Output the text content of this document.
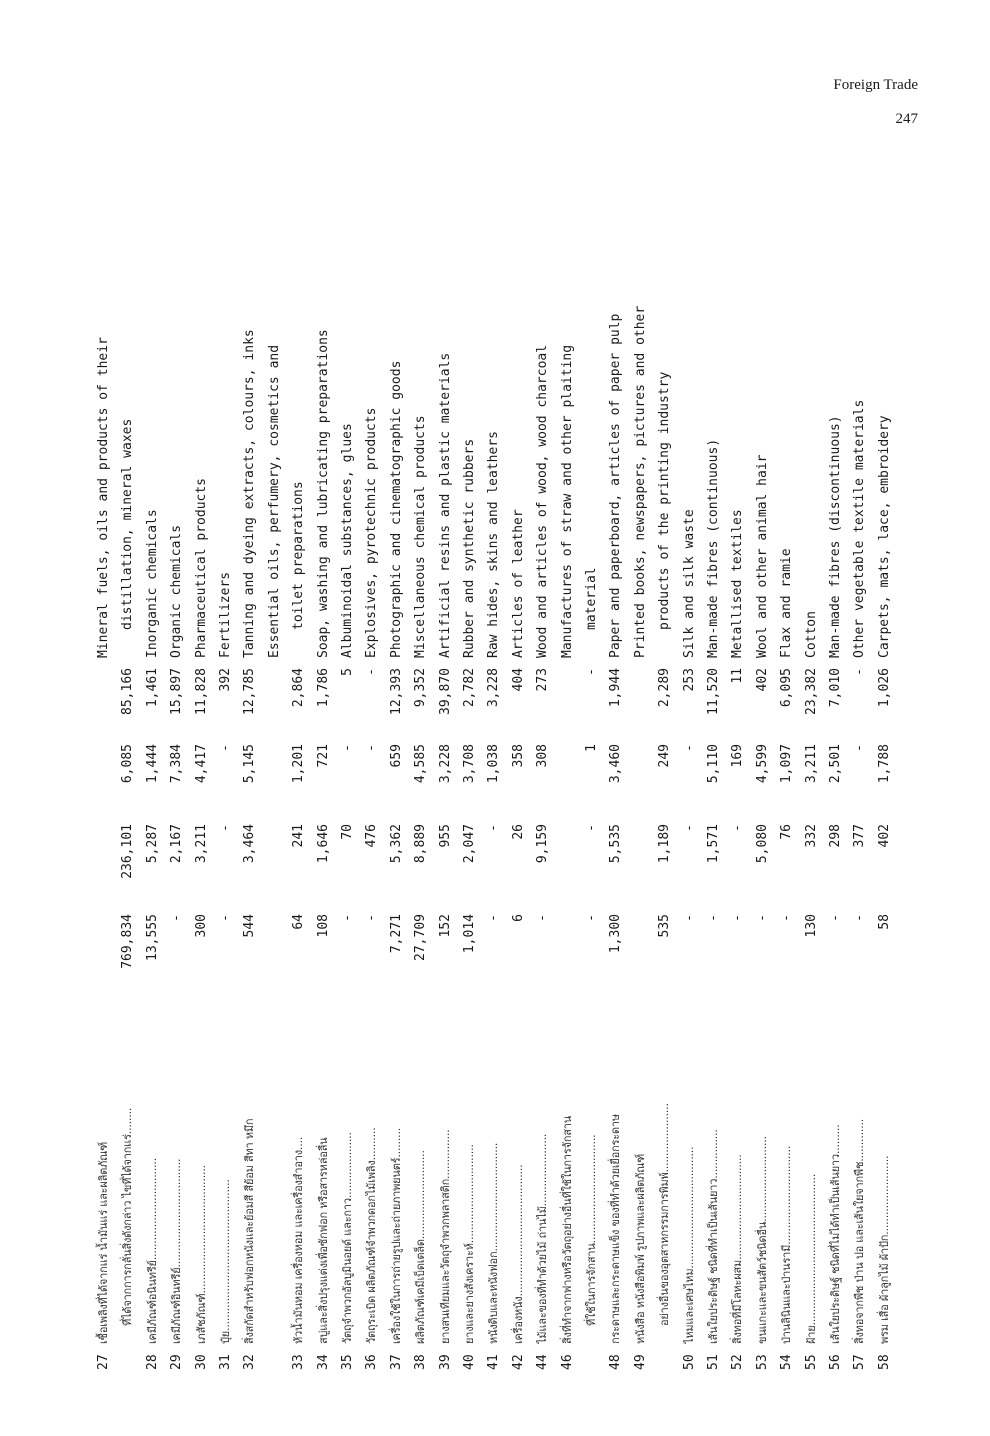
Foreign Trade
247
27
เชื้อเพลิงที่ได้จากแร่ น้ำมันแร่ และผลิตภัณฑ์
Mineral fuels, oils and products of their
ที่ได้จากการกลั่นสิ่งดังกล่าว ไขที่ได้จากแร่........
769,834
236,101
6,085
85,166
distillation, mineral waxes
28
เคมีภัณฑ์อนินทรีย์...............................
13,555
5,287
1,444
1,461
Inorganic chemicals
29
เคมีภัณฑ์อินทรีย์.................................
-
2,167
7,384
15,897
Organic chemicals
30
เภสัชภัณฑ์.......................................
300
3,211
4,417
11,828
Pharmaceutical products
31
ปุ๋ย..............................................
-
-
-
392
Fertilizers
32
สิ่งสกัดสำหรับฟอกหนังและย้อมสี สีย้อม สีทา หมึก
544
3,464
5,145
12,785
Tanning and dyeing extracts, colours, inks Essential oils, perfumery, cosmetics and
33
หัวน้ำมันหอม เครื่องหอม และเครื่องสำอาง....
64
241
1,201
2,864
toilet preparations
34
สบู่และสิ่งปรุงแต่งเพื่อซักฟอก หรือสารหล่อลื่น
108
1,646
721
1,786
Soap, washing and lubricating preparations
35
วัตถุจำพวกอัลบูมินอยด์ และกาว....................
-
70
-
5
Albuminoidal substances, glues
36
วัตถุระเบิด ผลิตภัณฑ์จำพวกดอกไม้เพลิง..........
-
476
-
-
Explosives, pyrotechnic products
37
เครื่องใช้ในการถ่ายรูปและถ่ายภาพยนตร์.........
7,271
5,362
659
12,393
Photographic and cinematographic goods
38
ผลิตภัณฑ์เคมีเบ็ดเตล็ด...........................
27,709
8,889
4,585
9,352
Miscellaneous chemical products
39
ยางสนเทียมและวัตถุจำพวกพลาสติก...............
152
955
3,228
39,870
Artificial resins and plastic materials
40
ยางและยางสังเคราะห์..............................
1,014
2,047
3,708
2,782
Rubber and synthetic rubbers
41
หนังดิบและหนังฟอก.................................
-
-
1,038
3,228
Raw hides, skins and leathers
42
เครื่องหนัง........................................
6
26
358
404
Articles of leather
44
ไม้และของที่ทำด้วยไม้ ถ่านไม้......................
-
9,159
308
273
Wood and articles of wood, wood charcoal
46
สิ่งที่ทำจากฟางหรือวัตถุอย่างอื่นที่ใช้ในการจักสาน
Manufactures of straw and other plaiting
ที่ใช้ในการจักสาน.................................
-
-
1
-
material
48
กระดาษและกระดาษแข็ง ของที่ทำด้วยเยื่อกระดาษ
1,300
5,535
3,460
1,944
Paper and paperboard, articles of paper pulp
49
หนังสือ หนังสือพิมพ์ รูปภาพและผลิตภัณฑ์
Printed books, newspapers, pictures and other
อย่างอื่นของอุตสาหกรรมการพิมพ์.....................
535
1,189
249
2,289
products of the printing industry
50
ไหมและเศษไหม.....................................
-
-
-
253
Silk and silk waste
51
เส้นใยประดิษฐ์ ชนิดที่ทำเป็นเส้นยาว...............
-
1,571
5,110
11,520
Man-made fibres (continuous)
52
สิ่งทอที่มีโลหะผสม................................
-
-
169
11
Metallised textiles
53
ขนแกะและขนสัตว์ชนิดอื่น..........................
-
5,080
4,599
402
Wool and other animal hair
54
ป่านลินินและป่านรามี..............................
-
76
1,097
6,095
Flax and ramie
55
ฝ้าย..............................................
130
332
3,211
23,382
Cotton
56
เส้นใยประดิษฐ์ ชนิดที่ไม่ได้ทำเป็นเส้นยาว.........
-
298
2,501
7,010
Man-made fibres (discontinuous)
57
สิ่งทอจากพืช ป่าน ปอ และเส้นใยจากพืช.............
-
377
-
-
Other vegetable textile materials
58
พรม เสื่อ ผ้าลูกไม้ ผ้าปัก........................
58
402
1,788
1,026
Carpets, mats, lace, embroidery
